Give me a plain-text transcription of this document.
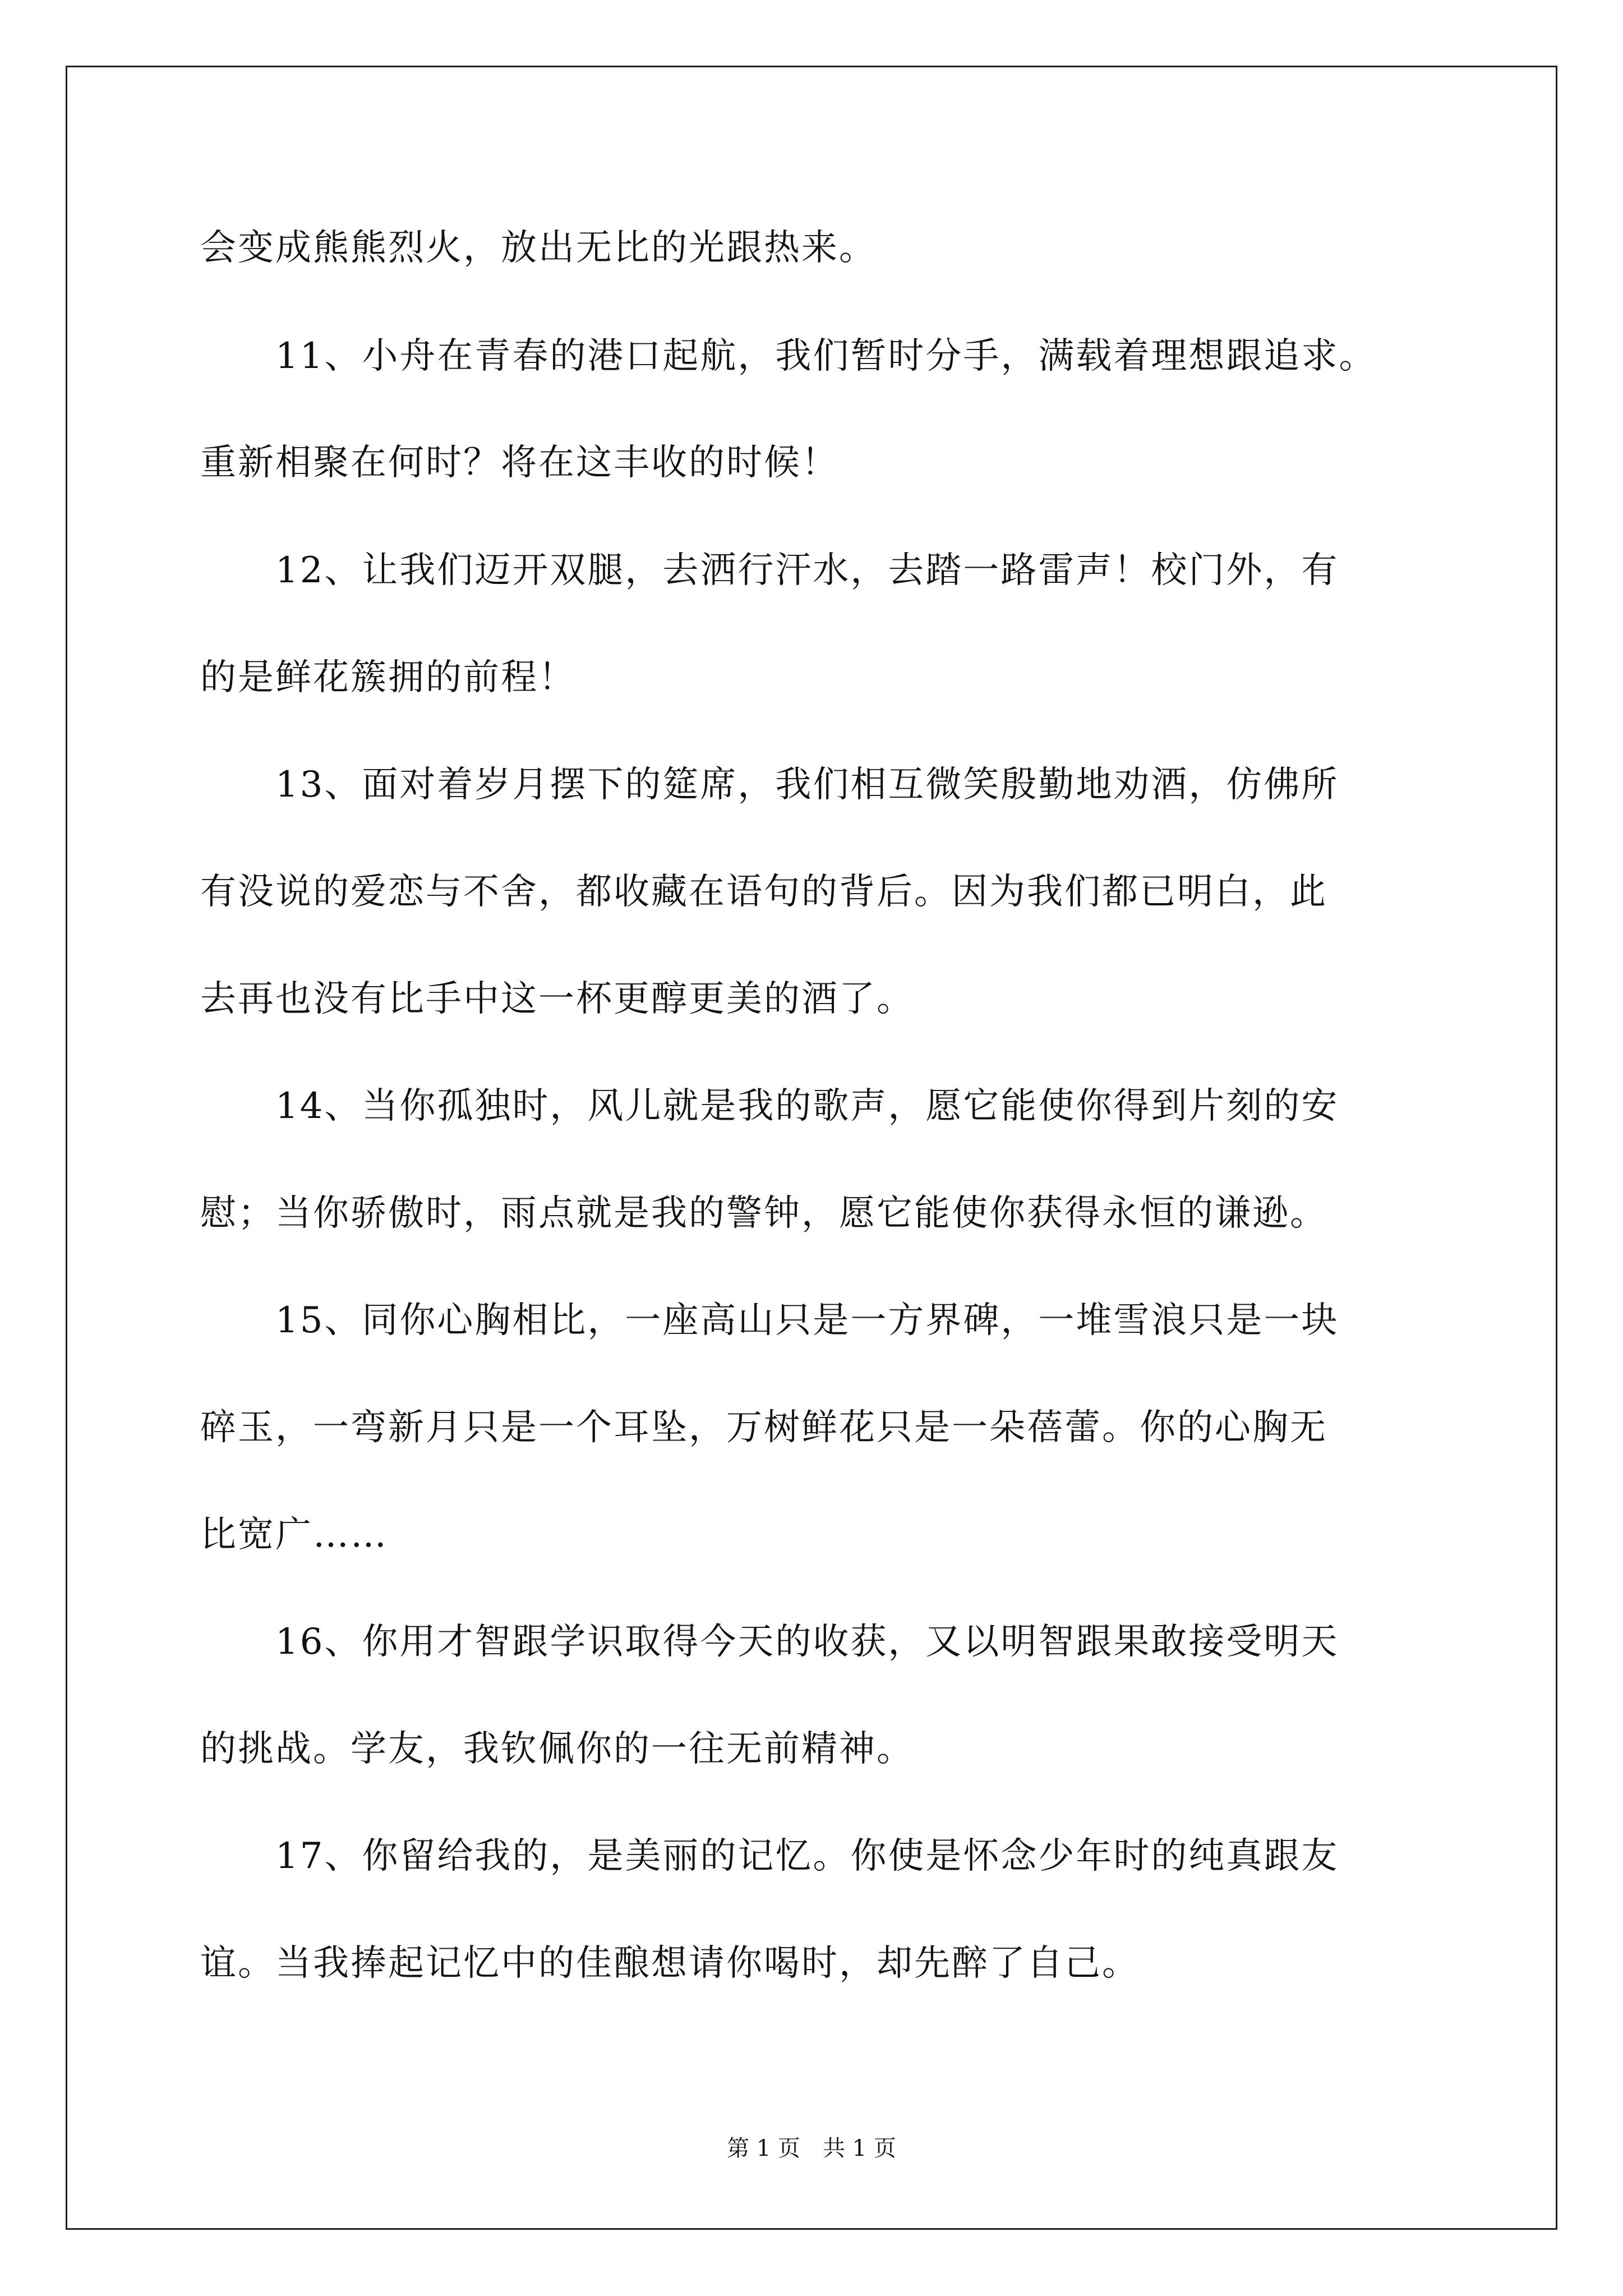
会变成熊熊烈火，放出无比的光跟热来。
　　11、小舟在青春的港口起航，我们暂时分手，满载着理想跟追求。
重新相聚在何时？将在这丰收的时候！
　　12、让我们迈开双腿，去洒行汗水，去踏一路雷声！校门外，有
的是鲜花簇拥的前程！
　　13、面对着岁月摆下的筵席，我们相互微笑殷勤地劝酒，仿佛所
有没说的爱恋与不舍，都收藏在语句的背后。因为我们都已明白，此
去再也没有比手中这一杯更醇更美的酒了。
　　14、当你孤独时，风儿就是我的歌声，愿它能使你得到片刻的安
慰；当你骄傲时，雨点就是我的警钟，愿它能使你获得永恒的谦逊。
　　15、同你心胸相比，一座高山只是一方界碑，一堆雪浪只是一块
碎玉，一弯新月只是一个耳坠，万树鲜花只是一朵蓓蕾。你的心胸无
比宽广……
　　16、你用才智跟学识取得今天的收获，又以明智跟果敢接受明天
的挑战。学友，我钦佩你的一往无前精神。
　　17、你留给我的，是美丽的记忆。你使是怀念少年时的纯真跟友
谊。当我捧起记忆中的佳酿想请你喝时，却先醉了自己。
第 1 页　共 1 页
